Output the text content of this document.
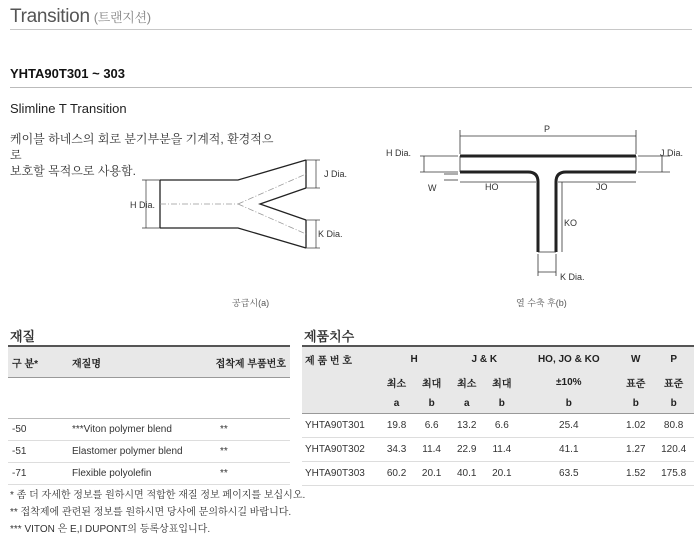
Transition (트랜지션)
YHTA90T301 ~ 303
Slimline T Transition
케이블 하네스의 회로 분기부분을 기계적, 환경적으로
보호할 목적으로 사용함.
H Dia.
J Dia.
K Dia.
공급시(a)
P
H Dia.	J Dia.
W	HO	JO
KO
K Dia.
열 수축 후(b)
재질	제품치수
구 분*	재질명	접착제 부품번호

-50	***Viton polymer blend	**
-51	Elastomer polymer blend	**
-71	Flexible polyolefin	**
제 품 번 호	H		J & K		HO, JO & KO	W	P
	최소	최대	최소	최대	±10%	표준	표준
	a	b	a	b	b	b	b
YHTA90T301	19.8	6.6	13.2	6.6	25.4	1.02	80.8
YHTA90T302	34.3	11.4	22.9	11.4	41.1	1.27	120.4
YHTA90T303	60.2	20.1	40.1	20.1	63.5	1.52	175.8
* 좀 더 자세한 정보를 원하시면 적합한 재질 정보 페이지를 보십시오.
** 접착제에 관련된 정보를 원하시면 당사에 문의하시길 바랍니다.
*** VITON 은 E,I DUPONT의 등록상표입니다.
